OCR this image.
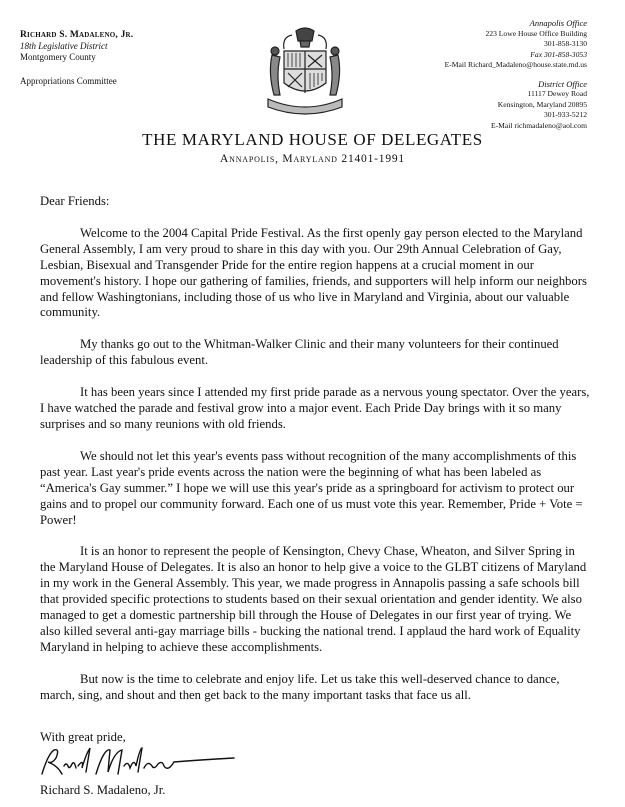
Richard S. Madaleno, Jr.
18th Legislative District
Montgomery County
Appropriations Committee
Annapolis Office
223 Lowe House Office Building
301-858-3130
Fax 301-858-3053
E-Mail Richard_Madaleno@house.state.md.us
District Office
11117 Dewey Road
Kensington, Maryland 20895
301-933-5212
E-Mail richmadaleno@aol.com
THE MARYLAND HOUSE OF DELEGATES
Annapolis, Maryland 21401-1991

Dear Friends:

Welcome to the 2004 Capital Pride Festival. As the first openly gay person elected to the Maryland General Assembly, I am very proud to share in this day with you. Our 29th Annual Celebration of Gay, Lesbian, Bisexual and Transgender Pride for the entire region happens at a crucial moment in our movement's history. I hope our gathering of families, friends, and supporters will help inform our neighbors and fellow Washingtonians, including those of us who live in Maryland and Virginia, about our valuable community.

My thanks go out to the Whitman-Walker Clinic and their many volunteers for their continued leadership of this fabulous event.

It has been years since I attended my first pride parade as a nervous young spectator. Over the years, I have watched the parade and festival grow into a major event. Each Pride Day brings with it so many surprises and so many reunions with old friends.

We should not let this year's events pass without recognition of the many accomplishments of this past year. Last year's pride events across the nation were the beginning of what has been labeled as “America's Gay summer.” I hope we will use this year's pride as a springboard for activism to protect our gains and to propel our community forward. Each one of us must vote this year. Remember, Pride + Vote = Power!

It is an honor to represent the people of Kensington, Chevy Chase, Wheaton, and Silver Spring in the Maryland House of Delegates. It is also an honor to help give a voice to the GLBT citizens of Maryland in my work in the General Assembly. This year, we made progress in Annapolis passing a safe schools bill that provided specific protections to students based on their sexual orientation and gender identity. We also managed to get a domestic partnership bill through the House of Delegates in our first year of trying. We also killed several anti-gay marriage bills - bucking the national trend. I applaud the hard work of Equality Maryland in helping to achieve these accomplishments.

But now is the time to celebrate and enjoy life. Let us take this well-deserved chance to dance, march, sing, and shout and then get back to the many important tasks that face us all.

With great pride,
Richard S. Madaleno, Jr.
